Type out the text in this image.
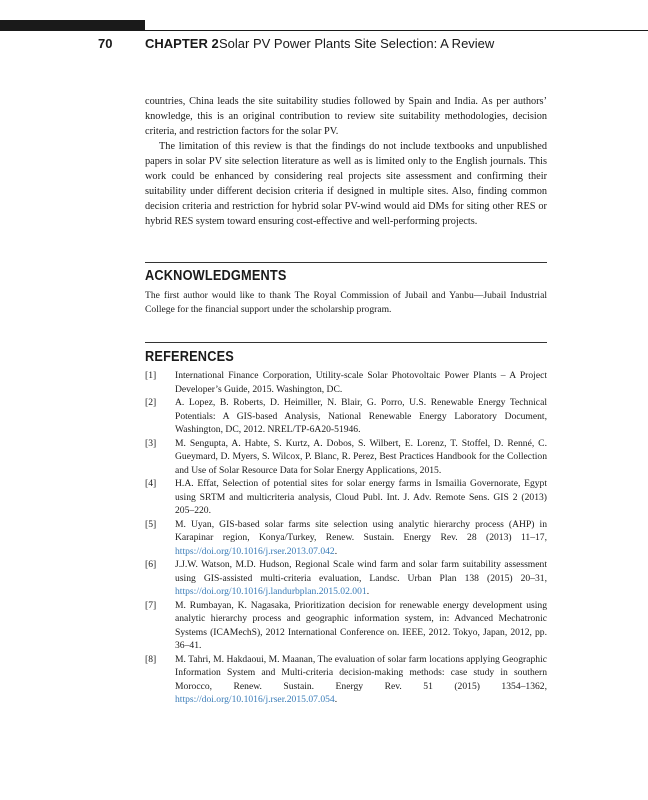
70	CHAPTER 2 Solar PV Power Plants Site Selection: A Review

countries, China leads the site suitability studies followed by Spain and India. As per authors’ knowledge, this is an original contribution to review site suitability methodologies, decision criteria, and restriction factors for the solar PV.

The limitation of this review is that the findings do not include textbooks and unpublished papers in solar PV site selection literature as well as is limited only to the English journals. This work could be enhanced by considering real projects site assessment and confirming their suitability under different decision criteria if designed in multiple sites. Also, finding common decision criteria and restriction for hybrid solar PV-wind would aid DMs for siting other RES or hybrid RES system toward ensuring cost-effective and well-performing projects.

ACKNOWLEDGMENTS

The first author would like to thank The Royal Commission of Jubail and Yanbu—Jubail Industrial College for the financial support under the scholarship program.

REFERENCES
[1]	International Finance Corporation, Utility-scale Solar Photovoltaic Power Plants – A Project Developer’s Guide, 2015. Washington, DC.
[2]	A. Lopez, B. Roberts, D. Heimiller, N. Blair, G. Porro, U.S. Renewable Energy Technical Potentials: A GIS-based Analysis, National Renewable Energy Laboratory Document, Washington, DC, 2012. NREL/TP-6A20-51946.
[3]	M. Sengupta, A. Habte, S. Kurtz, A. Dobos, S. Wilbert, E. Lorenz, T. Stoffel, D. Renné, C. Gueymard, D. Myers, S. Wilcox, P. Blanc, R. Perez, Best Practices Handbook for the Collection and Use of Solar Resource Data for Solar Energy Applications, 2015.
[4]	H.A. Effat, Selection of potential sites for solar energy farms in Ismailia Governorate, Egypt using SRTM and multicriteria analysis, Cloud Publ. Int. J. Adv. Remote Sens. GIS 2 (2013) 205–220.
[5]	M. Uyan, GIS-based solar farms site selection using analytic hierarchy process (AHP) in Karapinar region, Konya/Turkey, Renew. Sustain. Energy Rev. 28 (2013) 11–17, https://doi.org/10.1016/j.rser.2013.07.042.
[6]	J.J.W. Watson, M.D. Hudson, Regional Scale wind farm and solar farm suitability assessment using GIS-assisted multi-criteria evaluation, Landsc. Urban Plan 138 (2015) 20–31, https://doi.org/10.1016/j.landurbplan.2015.02.001.
[7]	M. Rumbayan, K. Nagasaka, Prioritization decision for renewable energy development using analytic hierarchy process and geographic information system, in: Advanced Mechatronic Systems (ICAMechS), 2012 International Conference on. IEEE, 2012. Tokyo, Japan, 2012, pp. 36–41.
[8]	M. Tahri, M. Hakdaoui, M. Maanan, The evaluation of solar farm locations applying Geographic Information System and Multi-criteria decision-making methods: case study in southern Morocco, Renew. Sustain. Energy Rev. 51 (2015) 1354–1362, https://doi.org/10.1016/j.rser.2015.07.054.
